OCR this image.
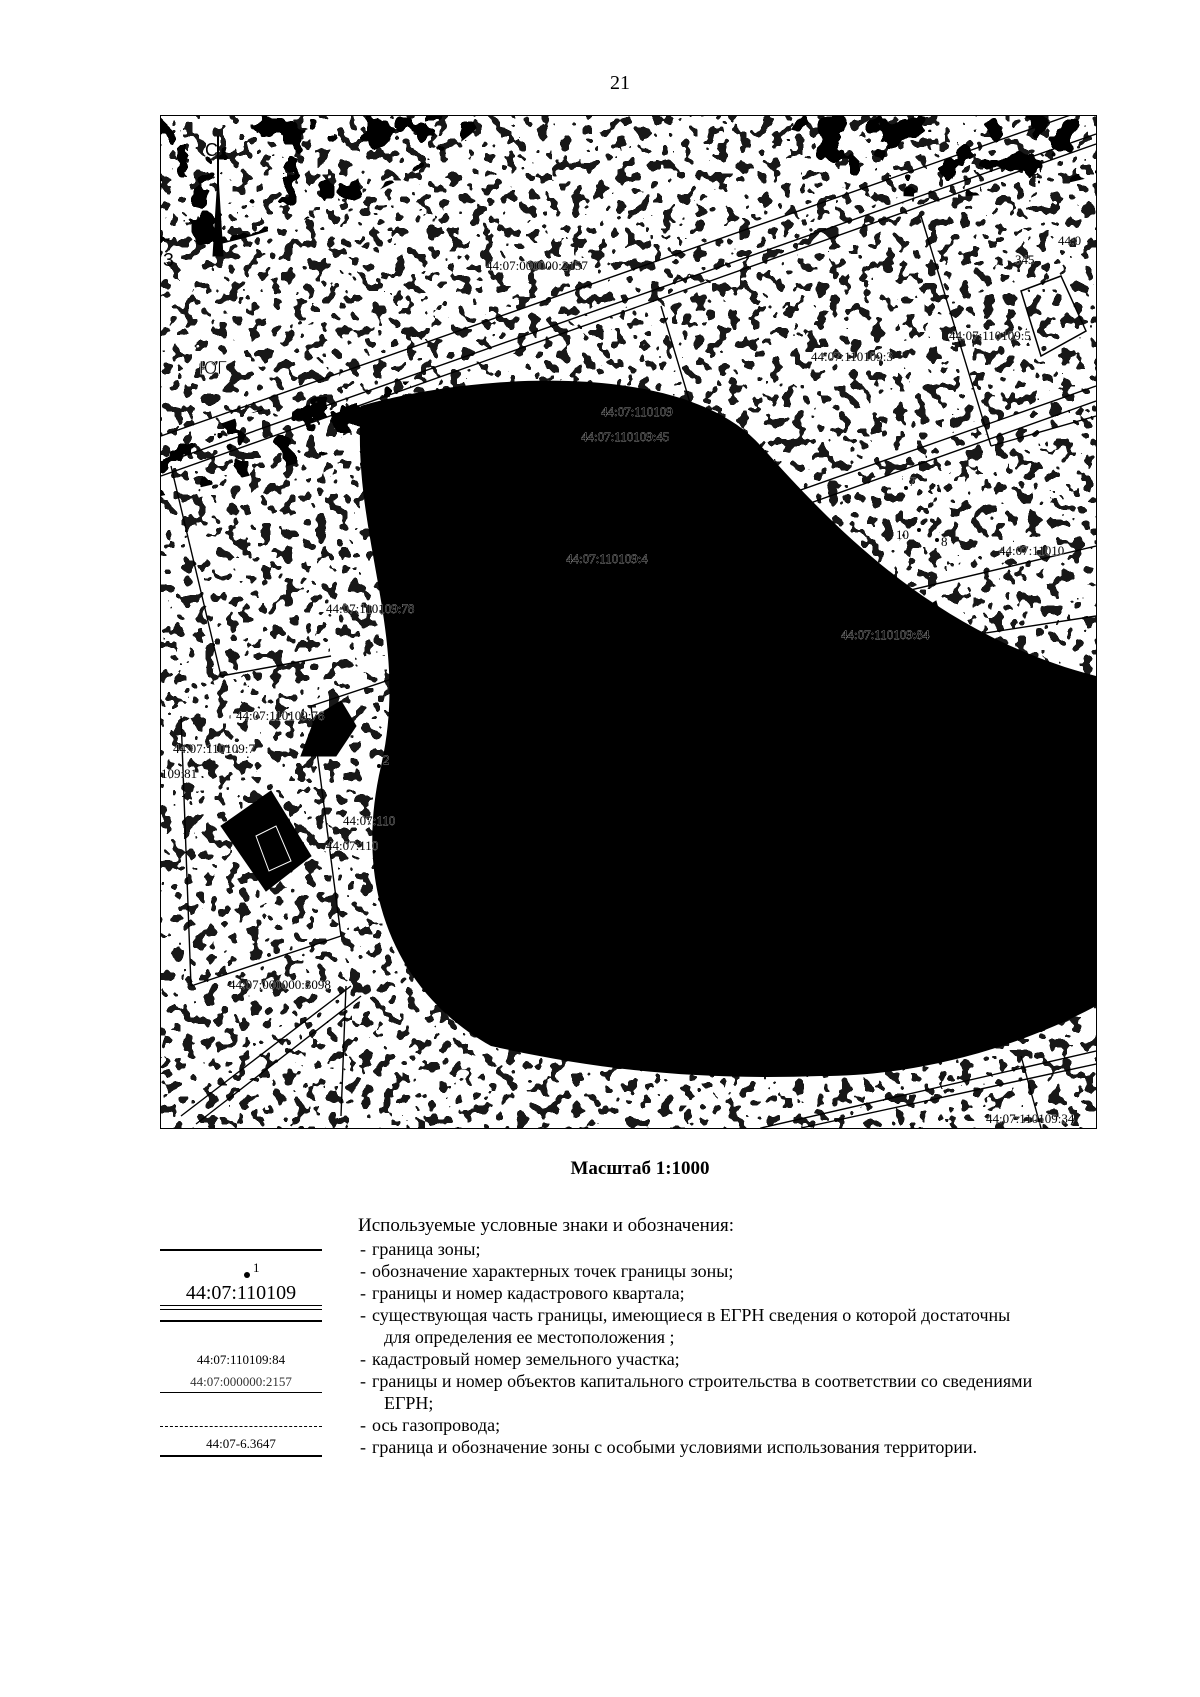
21
С
З
ЮГ
44:07:000000:2157
44:07:110109:3
44:07:110109
44:07:110109:45
44:07:110109:78
44:07:110109:76
44:07:110109:7
109:81
44:07:110109:84
44:07:110109:5
44:07:11010
345
44:0
44:07:110109:4
44:07:110
44:07:110
44:07:000000:3098
44:07:110109:34
2
7
8
10
Масштаб 1:1000
Используемые условные знаки и обозначения:
- граница зоны;
1	- обозначение характерных точек границы зоны;
44:07:110109	- границы и номер кадастрового квартала;
- существующая часть границы, имеющиеся в ЕГРН сведения о которой достаточны
для определения ее местоположения ;
44:07:110109:84	- кадастровый номер земельного участка;
44:07:000000:2157	- границы и номер объектов капитального строительства в соответствии со сведениями
ЕГРН;
- ось газопровода;
44:07-6.3647	- граница и обозначение зоны с особыми условиями использования территории.
